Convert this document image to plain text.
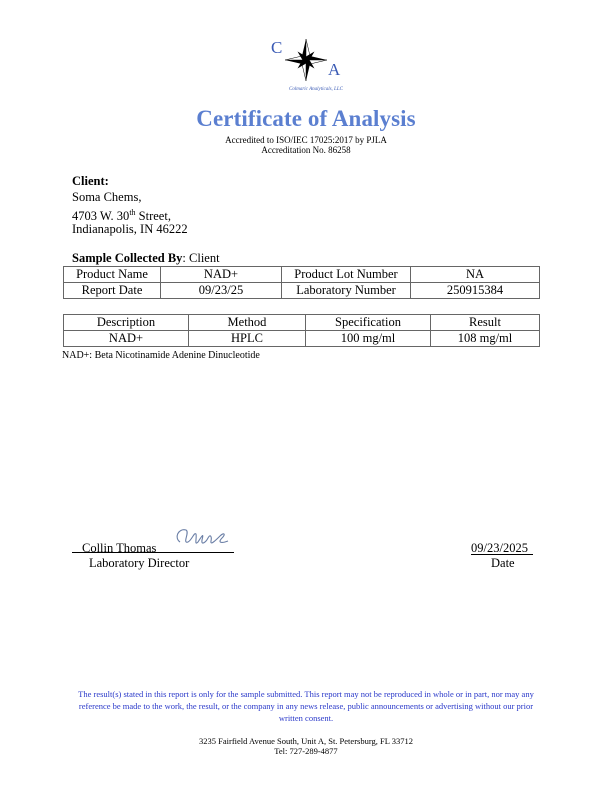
C
A
Colmaric Analyticals, LLC
Certificate of Analysis
Accredited to ISO/IEC 17025:2017 by PJLA
Accreditation No. 86258
Client:
Soma Chems,
4703 W. 30th Street,
Indianapolis, IN 46222
Sample Collected By: Client
Product Name	NAD+	Product Lot Number	NA
Report Date	09/23/25	Laboratory Number	250915384
Description	Method	Specification	Result
NAD+	HPLC	100 mg/ml	108 mg/ml
NAD+: Beta Nicotinamide Adenine Dinucleotide
Collin Thomas
Laboratory Director
09/23/2025
Date
The result(s) stated in this report is only for the sample submitted. This report may not be reproduced in whole or in part, nor may any reference be made to the work, the result, or the company in any news release, public announcements or advertising without our prior written consent.
3235 Fairfield Avenue South, Unit A, St. Petersburg, FL 33712
Tel: 727-289-4877
